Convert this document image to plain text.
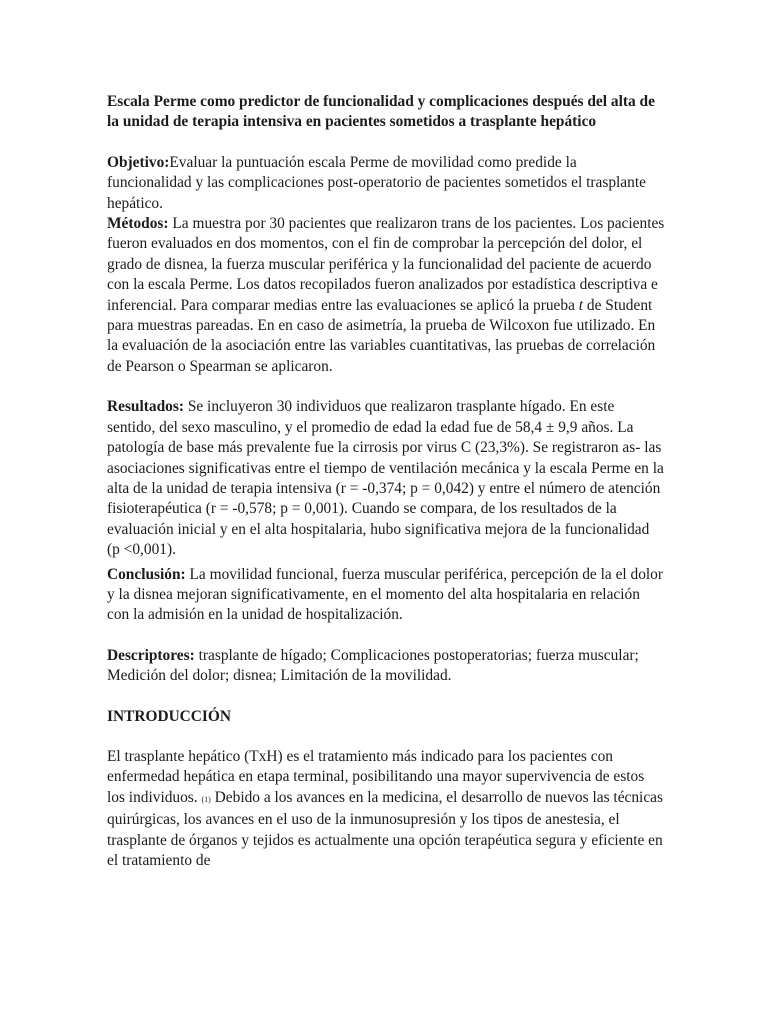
Escala Perme como predictor de funcionalidad y complicaciones después del alta de la unidad de terapia intensiva en pacientes sometidos a trasplante hepático

Objetivo:Evaluar la puntuación escala Perme de movilidad como predide la funcionalidad y las complicaciones post-operatorio de pacientes sometidos el trasplante hepático.

Métodos: La muestra por 30 pacientes que realizaron trans de los pacientes. Los pacientes fueron evaluados en dos momentos, con el fin de comprobar la percepción del dolor, el grado de disnea, la fuerza muscular periférica y la funcionalidad del paciente de acuerdo con la escala Perme. Los datos recopilados fueron analizados por estadística descriptiva e inferencial. Para comparar medias entre las evaluaciones se aplicó la prueba t de Student para muestras pareadas. En en caso de asimetría, la prueba de Wilcoxon fue utilizado. En la evaluación de la asociación entre las variables cuantitativas, las pruebas de correlación de Pearson o Spearman se aplicaron.

Resultados: Se incluyeron 30 individuos que realizaron trasplante hígado. En este sentido, del sexo masculino, y el promedio de edad la edad fue de 58,4 ± 9,9 años. La patología de base más prevalente fue la cirrosis por virus C (23,3%). Se registraron as- las asociaciones significativas entre el tiempo de ventilación mecánica y la escala Perme en la alta de la unidad de terapia intensiva (r = -0,374; p = 0,042) y entre el número de atención fisioterapéutica (r = -0,578; p = 0,001). Cuando se compara, de los resultados de la evaluación inicial y en el alta hospitalaria, hubo significativa mejora de la funcionalidad (p <0,001).

Conclusión: La movilidad funcional, fuerza muscular periférica, percepción de la el dolor y la disnea mejoran significativamente, en el momento del alta hospitalaria en relación con la admisión en la unidad de hospitalización.

Descriptores: trasplante de hígado; Complicaciones postoperatorias; fuerza muscular; Medición del dolor; disnea; Limitación de la movilidad.

INTRODUCCIÓN

El trasplante hepático (TxH) es el tratamiento más indicado para los pacientes con enfermedad hepática en etapa terminal, posibilitando una mayor supervivencia de estos los individuos. (1) Debido a los avances en la medicina, el desarrollo de nuevos las técnicas quirúrgicas, los avances en el uso de la inmunosupresión y los tipos de anestesia, el trasplante de órganos y tejidos es actualmente una opción terapéutica segura y eficiente en el tratamiento de
